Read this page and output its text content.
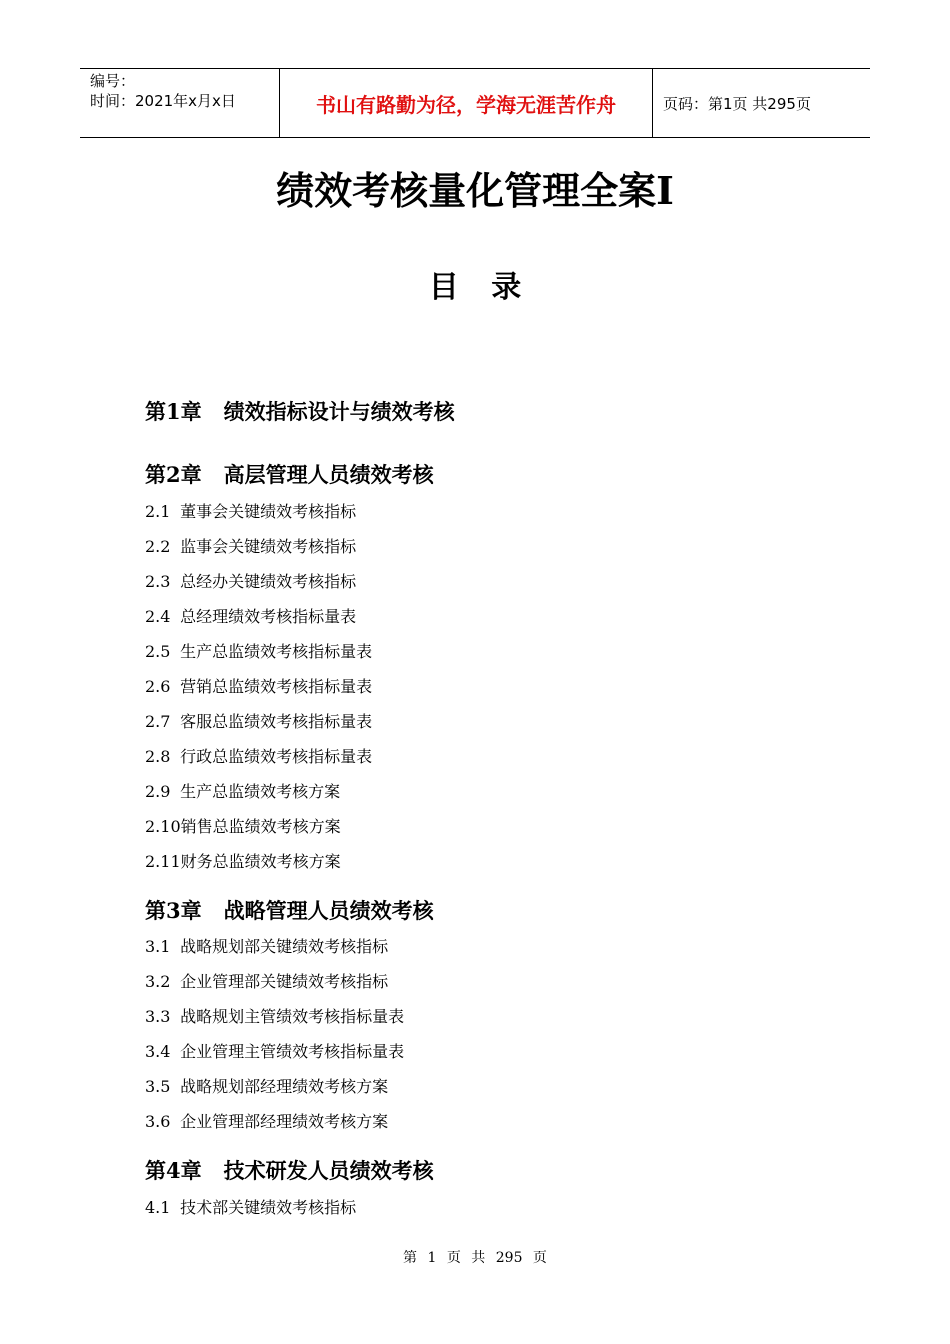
编号：
时间：2021年x月x日	书山有路勤为径，学海无涯苦作舟	页码：第1页 共295页
绩效考核量化管理全案Ⅰ
目 录
第1章 绩效指标设计与绩效考核
第2章 高层管理人员绩效考核
2.1 董事会关键绩效考核指标
2.2 监事会关键绩效考核指标
2.3 总经办关键绩效考核指标
2.4 总经理绩效考核指标量表
2.5 生产总监绩效考核指标量表
2.6 营销总监绩效考核指标量表
2.7 客服总监绩效考核指标量表
2.8 行政总监绩效考核指标量表
2.9 生产总监绩效考核方案
2.10销售总监绩效考核方案
2.11财务总监绩效考核方案
第3章 战略管理人员绩效考核
3.1 战略规划部关键绩效考核指标
3.2 企业管理部关键绩效考核指标
3.3 战略规划主管绩效考核指标量表
3.4 企业管理主管绩效考核指标量表
3.5 战略规划部经理绩效考核方案
3.6 企业管理部经理绩效考核方案
第4章 技术研发人员绩效考核
4.1 技术部关键绩效考核指标
第 1 页 共 295 页
